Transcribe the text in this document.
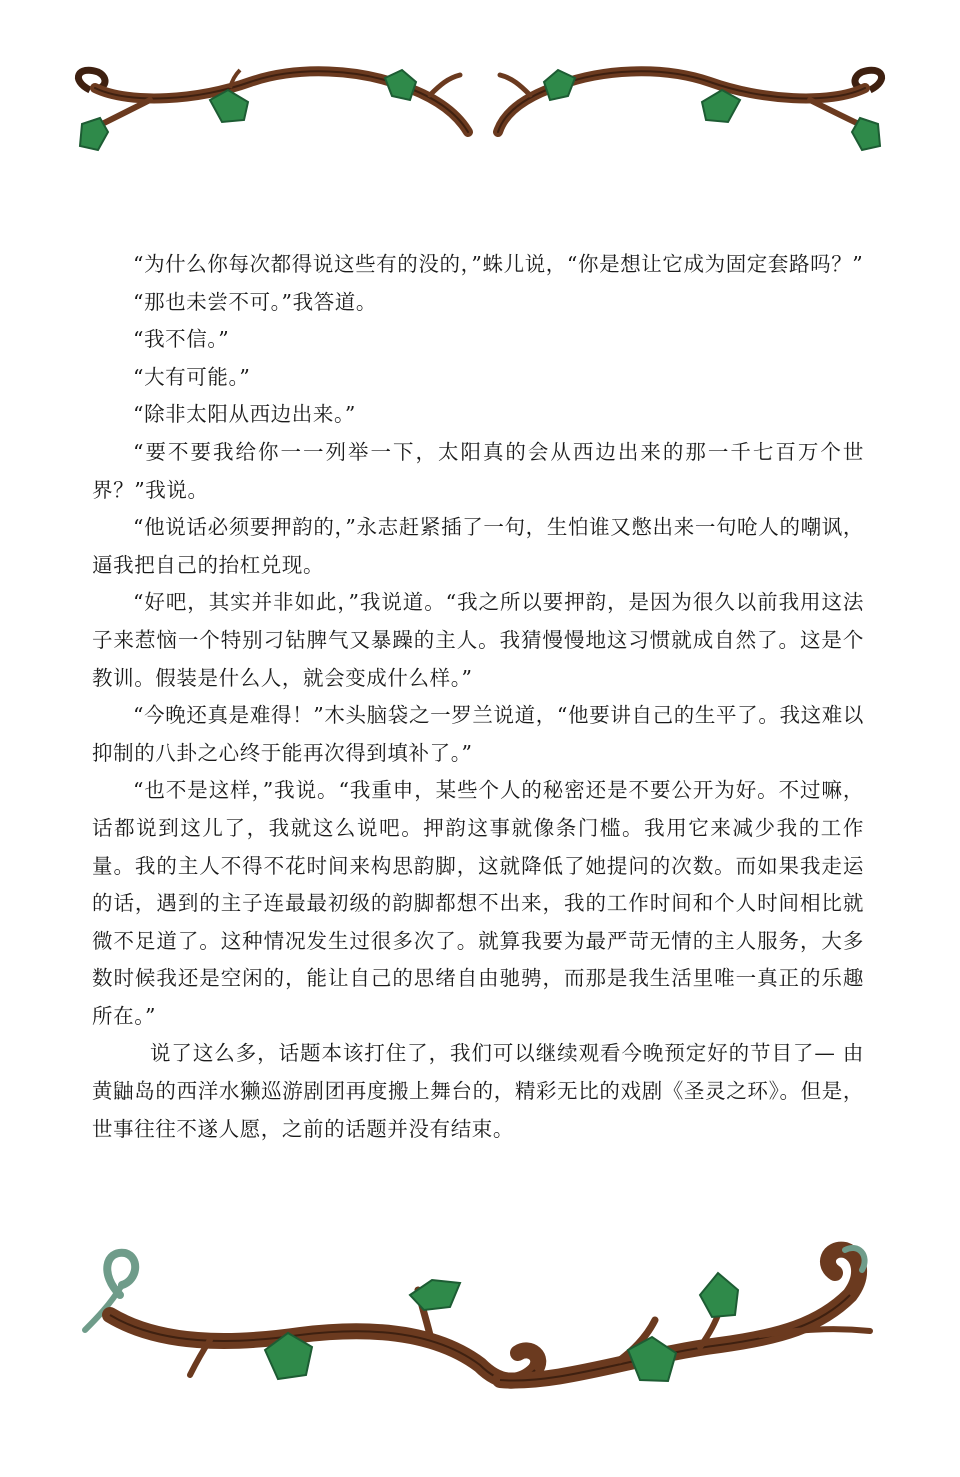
“为什么你每次都得说这些有的没的，”蛛儿说，“你是想让它成为固定套路吗？”

“那也未尝不可。”我答道。

“我不信。”

“大有可能。”

“除非太阳从西边出来。”

“要不要我给你一一列举一下，太阳真的会从西边出来的那一千七百万个世界？”我说。

“他说话必须要押韵的，”永志赶紧插了一句，生怕谁又憋出来一句呛人的嘲讽，逼我把自己的抬杠兑现。

“好吧，其实并非如此，”我说道。“我之所以要押韵，是因为很久以前我用这法子来惹恼一个特别刁钻脾气又暴躁的主人。我猜慢慢地这习惯就成自然了。这是个教训。假装是什么人，就会变成什么样。”

“今晚还真是难得！”木头脑袋之一罗兰说道，“他要讲自己的生平了。我这难以抑制的八卦之心终于能再次得到填补了。”

“也不是这样，”我说。“我重申，某些个人的秘密还是不要公开为好。不过嘛，话都说到这儿了，我就这么说吧。押韵这事就像条门槛。我用它来减少我的工作量。我的主人不得不花时间来构思韵脚，这就降低了她提问的次数。而如果我走运的话，遇到的主子连最最初级的韵脚都想不出来，我的工作时间和个人时间相比就微不足道了。这种情况发生过很多次了。就算我要为最严苛无情的主人服务，大多数时候我还是空闲的，能让自己的思绪自由驰骋，而那是我生活里唯一真正的乐趣所在。”

说了这么多，话题本该打住了，我们可以继续观看今晚预定好的节目了— 由黄鼬岛的西洋水獭巡游剧团再度搬上舞台的，精彩无比的戏剧《圣灵之环》。但是，世事往往不遂人愿，之前的话题并没有结束。
